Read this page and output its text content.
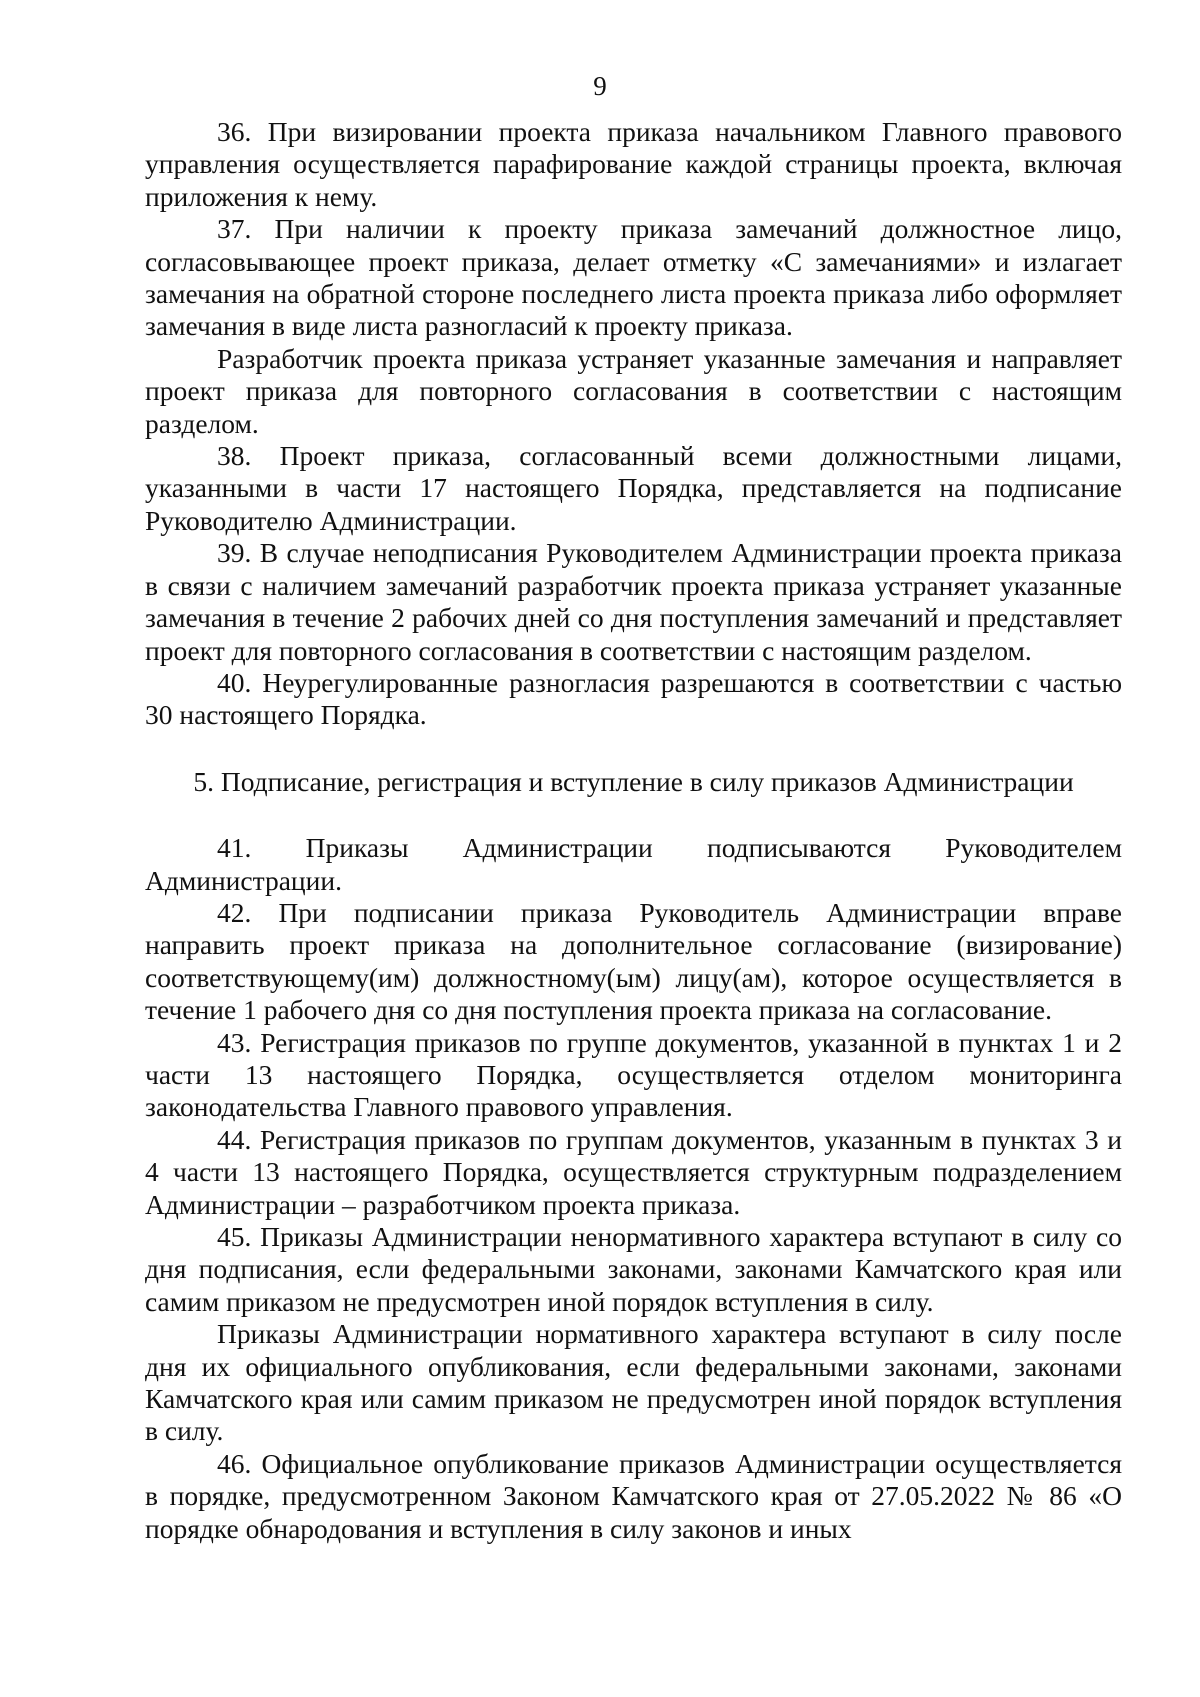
9

36. При визировании проекта приказа начальником Главного правового управления осуществляется парафирование каждой страницы проекта, включая приложения к нему.

37. При наличии к проекту приказа замечаний должностное лицо, согласовывающее проект приказа, делает отметку «С замечаниями» и излагает замечания на обратной стороне последнего листа проекта приказа либо оформляет замечания в виде листа разногласий к проекту приказа.

Разработчик проекта приказа устраняет указанные замечания и направляет проект приказа для повторного согласования в соответствии с настоящим разделом.

38. Проект приказа, согласованный всеми должностными лицами, указанными в части 17 настоящего Порядка, представляется на подписание Руководителю Администрации.

39. В случае неподписания Руководителем Администрации проекта приказа в связи с наличием замечаний разработчик проекта приказа устраняет указанные замечания в течение 2 рабочих дней со дня поступления замечаний и представляет проект для повторного согласования в соответствии с настоящим разделом.

40. Неурегулированные разногласия разрешаются в соответствии с частью 30 настоящего Порядка.

5. Подписание, регистрация и вступление в силу приказов Администрации

41. Приказы Администрации подписываются Руководителем Администрации.

42. При подписании приказа Руководитель Администрации вправе направить проект приказа на дополнительное согласование (визирование) соответствующему(им) должностному(ым) лицу(ам), которое осуществляется в течение 1 рабочего дня со дня поступления проекта приказа на согласование.

43. Регистрация приказов по группе документов, указанной в пунктах 1 и 2 части 13 настоящего Порядка, осуществляется отделом мониторинга законодательства Главного правового управления.

44. Регистрация приказов по группам документов, указанным в пунктах 3 и 4 части 13 настоящего Порядка, осуществляется структурным подразделением Администрации – разработчиком проекта приказа.

45. Приказы Администрации ненормативного характера вступают в силу со дня подписания, если федеральными законами, законами Камчатского края или самим приказом не предусмотрен иной порядок вступления в силу.

Приказы Администрации нормативного характера вступают в силу после дня их официального опубликования, если федеральными законами, законами Камчатского края или самим приказом не предусмотрен иной порядок вступления в силу.

46. Официальное опубликование приказов Администрации осуществляется в порядке, предусмотренном Законом Камчатского края от 27.05.2022 № 86 «О порядке обнародования и вступления в силу законов и иных
